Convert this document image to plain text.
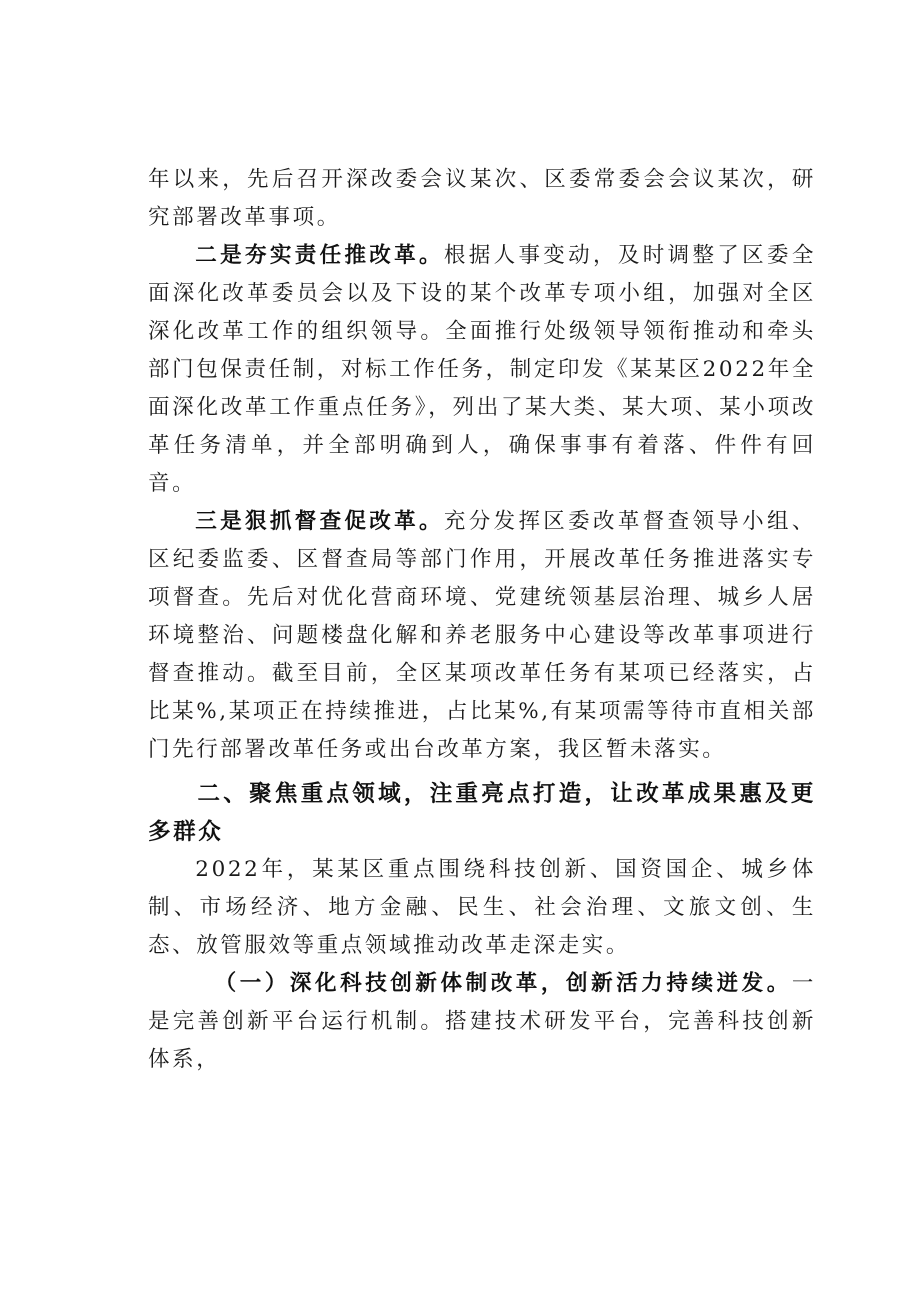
年以来，先后召开深改委会议某次、区委常委会会议某次，研究部署改革事项。

二是夯实责任推改革。根据人事变动，及时调整了区委全面深化改革委员会以及下设的某个改革专项小组，加强对全区深化改革工作的组织领导。全面推行处级领导领衔推动和牵头部门包保责任制，对标工作任务，制定印发《某某区2022年全面深化改革工作重点任务》，列出了某大类、某大项、某小项改革任务清单，并全部明确到人，确保事事有着落、件件有回音。

三是狠抓督查促改革。充分发挥区委改革督查领导小组、区纪委监委、区督查局等部门作用，开展改革任务推进落实专项督查。先后对优化营商环境、党建统领基层治理、城乡人居环境整治、问题楼盘化解和养老服务中心建设等改革事项进行督查推动。截至目前，全区某项改革任务有某项已经落实，占比某%,某项正在持续推进，占比某%,有某项需等待市直相关部门先行部署改革任务或出台改革方案，我区暂未落实。

二、聚焦重点领域，注重亮点打造，让改革成果惠及更多群众

2022年，某某区重点围绕科技创新、国资国企、城乡体制、市场经济、地方金融、民生、社会治理、文旅文创、生态、放管服效等重点领域推动改革走深走实。

（一）深化科技创新体制改革，创新活力持续迸发。一是完善创新平台运行机制。搭建技术研发平台，完善科技创新体系，
